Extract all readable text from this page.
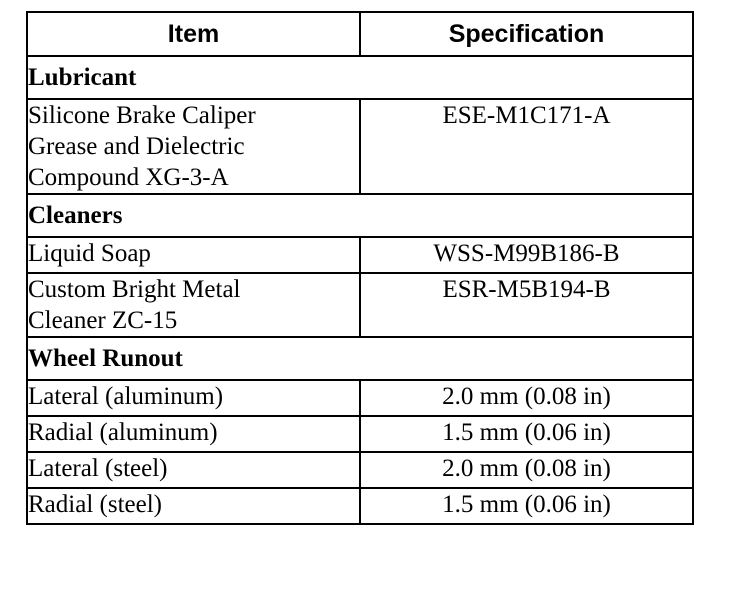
Item	Specification
Lubricant	

Silicone Brake Caliper
Grease and Dielectric
Compound XG-3-A	ESE-M1C171-A
Cleaners	

Liquid Soap	WSS-M99B186-B

Custom Bright Metal
Cleaner ZC-15	ESR-M5B194-B
Wheel Runout	

Lateral (aluminum)	2.0 mm (0.08 in)

Radial (aluminum)	1.5 mm (0.06 in)

Lateral (steel)	2.0 mm (0.08 in)

Radial (steel)	1.5 mm (0.06 in)
